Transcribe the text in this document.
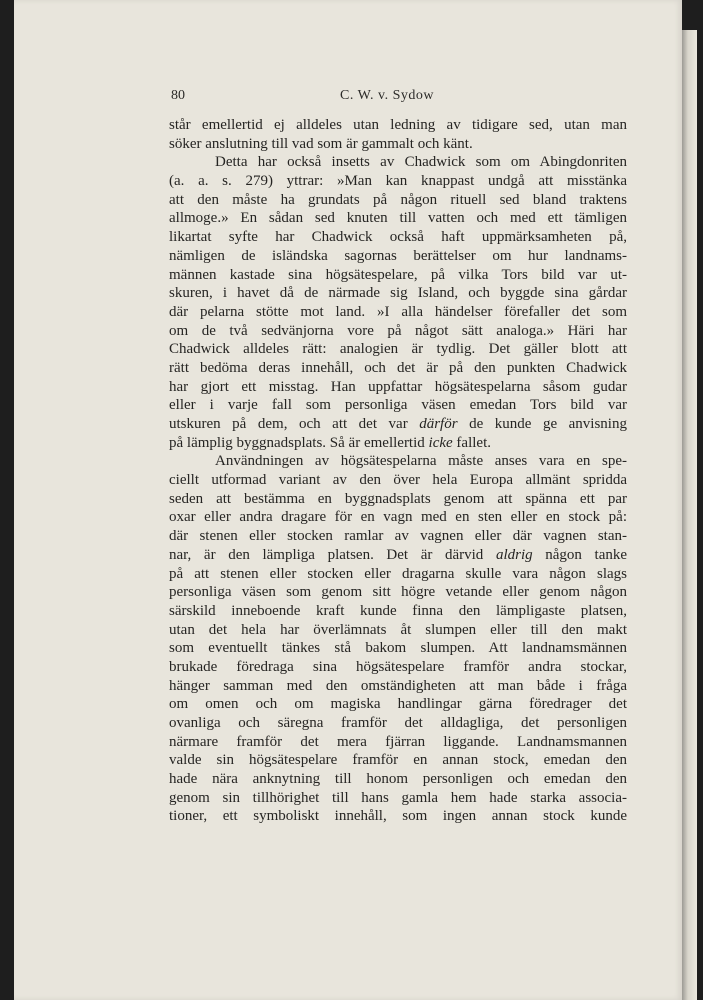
80	C. W. v. Sydow
står emellertid ej alldeles utan ledning av tidigare sed, utan man
söker anslutning till vad som är gammalt och känt.
Detta har också insetts av Chadwick som om Abingdonriten
(a. a. s. 279) yttrar: »Man kan knappast undgå att misstänka
att den måste ha grundats på någon rituell sed bland traktens
allmoge.» En sådan sed knuten till vatten och med ett tämligen
likartat syfte har Chadwick också haft uppmärksamheten på,
nämligen de isländska sagornas berättelser om hur landnams-
männen kastade sina högsätespelare, på vilka Tors bild var ut-
skuren, i havet då de närmade sig Island, och byggde sina gårdar
där pelarna stötte mot land. »I alla händelser förefaller det som
om de två sedvänjorna vore på något sätt analoga.» Häri har
Chadwick alldeles rätt: analogien är tydlig. Det gäller blott att
rätt bedöma deras innehåll, och det är på den punkten Chadwick
har gjort ett misstag. Han uppfattar högsätespelarna såsom gudar
eller i varje fall som personliga väsen emedan Tors bild var
utskuren på dem, och att det var därför de kunde ge anvisning
på lämplig byggnadsplats. Så är emellertid icke fallet.
Användningen av högsätespelarna måste anses vara en spe-
ciellt utformad variant av den över hela Europa allmänt spridda
seden att bestämma en byggnadsplats genom att spänna ett par
oxar eller andra dragare för en vagn med en sten eller en stock på:
där stenen eller stocken ramlar av vagnen eller där vagnen stan-
nar, är den lämpliga platsen. Det är därvid aldrig någon tanke
på att stenen eller stocken eller dragarna skulle vara någon slags
personliga väsen som genom sitt högre vetande eller genom någon
särskild inneboende kraft kunde finna den lämpligaste platsen,
utan det hela har överlämnats åt slumpen eller till den makt
som eventuellt tänkes stå bakom slumpen. Att landnamsmännen
brukade föredraga sina högsätespelare framför andra stockar,
hänger samman med den omständigheten att man både i fråga
om omen och om magiska handlingar gärna föredrager det
ovanliga och säregna framför det alldagliga, det personligen
närmare framför det mera fjärran liggande. Landnamsmannen
valde sin högsätespelare framför en annan stock, emedan den
hade nära anknytning till honom personligen och emedan den
genom sin tillhörighet till hans gamla hem hade starka associa-
tioner, ett symboliskt innehåll, som ingen annan stock kunde
